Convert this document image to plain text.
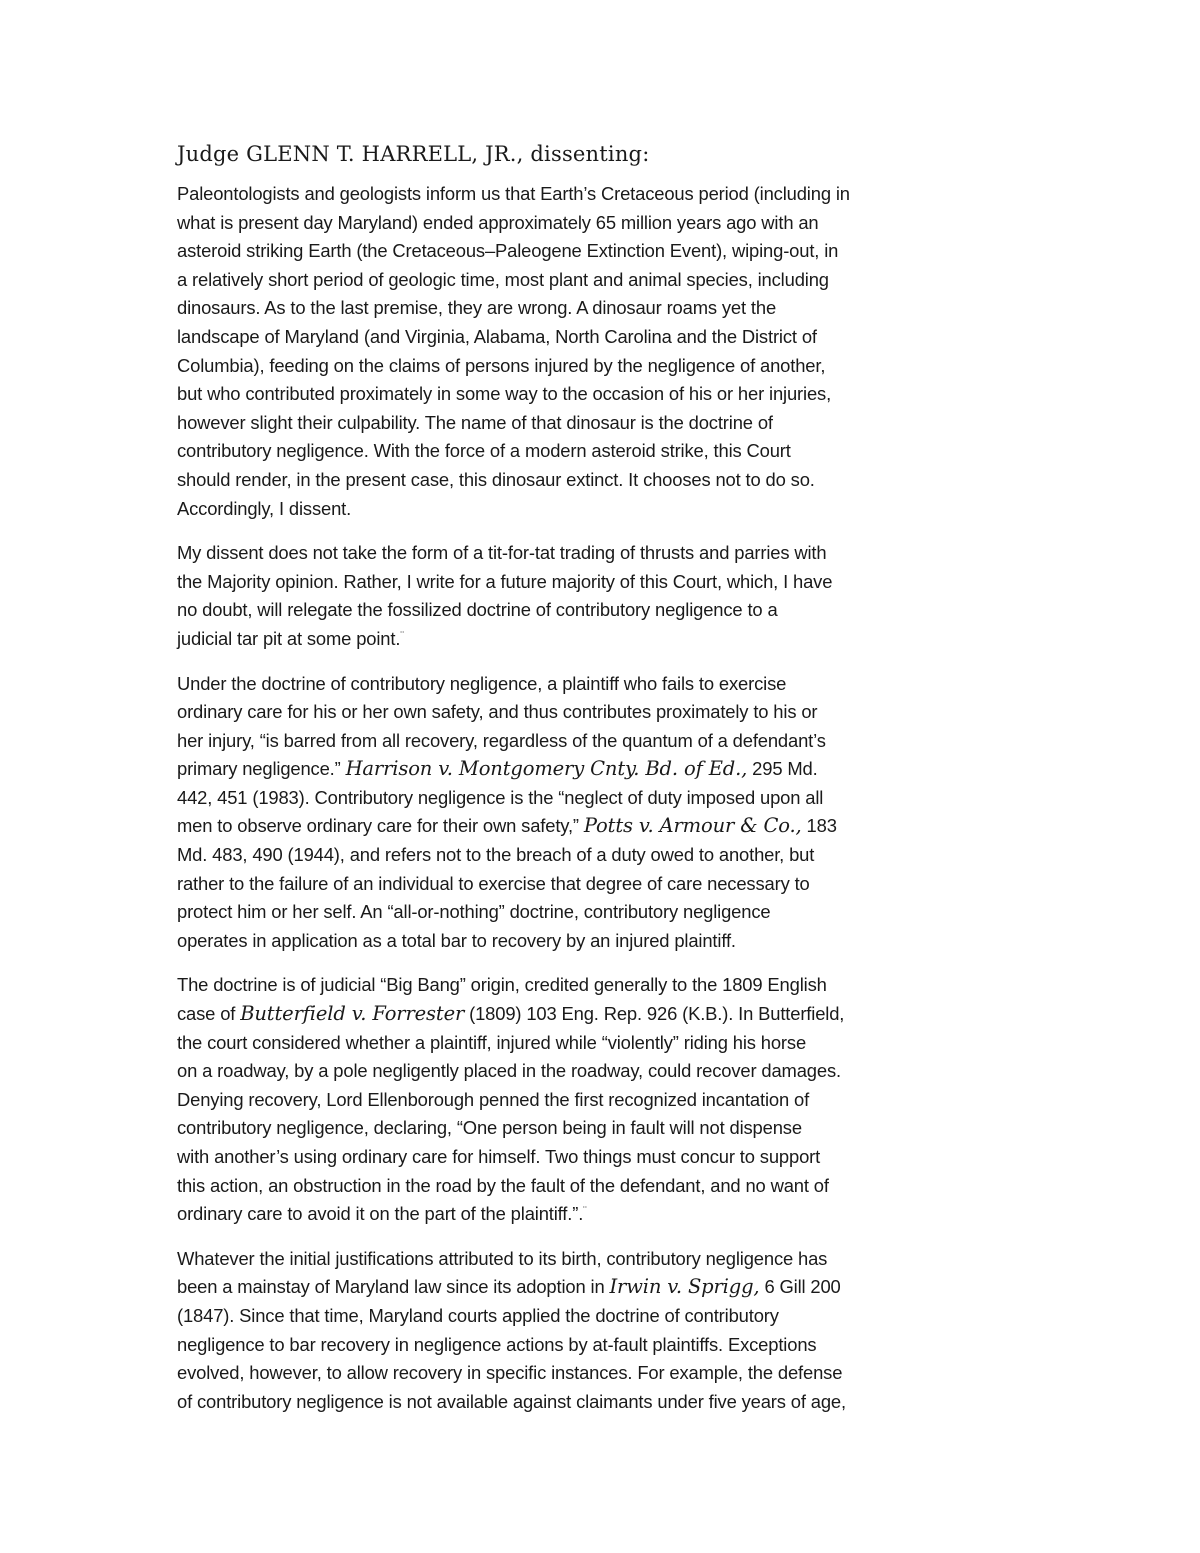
Judge GLENN T. HARRELL, JR., dissenting:
Paleontologists and geologists inform us that Earth’s Cretaceous period (including in
what is present day Maryland) ended approximately 65 million years ago with an
asteroid striking Earth (the Cretaceous–Paleogene Extinction Event), wiping-out, in
a relatively short period of geologic time, most plant and animal species, including
dinosaurs. As to the last premise, they are wrong. A dinosaur roams yet the
landscape of Maryland (and Virginia, Alabama, North Carolina and the District of
Columbia), feeding on the claims of persons injured by the negligence of another,
but who contributed proximately in some way to the occasion of his or her injuries,
however slight their culpability. The name of that dinosaur is the doctrine of
contributory negligence. With the force of a modern asteroid strike, this Court
should render, in the present case, this dinosaur extinct. It chooses not to do so.
Accordingly, I dissent.
My dissent does not take the form of a tit-for-tat trading of thrusts and parries with
the Majority opinion. Rather, I write for a future majority of this Court, which, I have
no doubt, will relegate the fossilized doctrine of contributory negligence to a
judicial tar pit at some point.¨
Under the doctrine of contributory negligence, a plaintiff who fails to exercise
ordinary care for his or her own safety, and thus contributes proximately to his or
her injury, “is barred from all recovery, regardless of the quantum of a defendant’s
primary negligence.” Harrison v. Montgomery Cnty. Bd. of Ed., 295 Md.
442, 451 (1983). Contributory negligence is the “neglect of duty imposed upon all
men to observe ordinary care for their own safety,” Potts v. Armour & Co., 183
Md. 483, 490 (1944), and refers not to the breach of a duty owed to another, but
rather to the failure of an individual to exercise that degree of care necessary to
protect him or her self. An “all-or-nothing” doctrine, contributory negligence
operates in application as a total bar to recovery by an injured plaintiff.
The doctrine is of judicial “Big Bang” origin, credited generally to the 1809 English
case of Butterfield v. Forrester (1809) 103 Eng. Rep. 926 (K.B.). In Butterfield,
the court considered whether a plaintiff, injured while “violently” riding his horse
on a roadway, by a pole negligently placed in the roadway, could recover damages.
Denying recovery, Lord Ellenborough penned the first recognized incantation of
contributory negligence, declaring, “One person being in fault will not dispense
with another’s using ordinary care for himself. Two things must concur to support
this action, an obstruction in the road by the fault of the defendant, and no want of
ordinary care to avoid it on the part of the plaintiff.”.¨
Whatever the initial justifications attributed to its birth, contributory negligence has
been a mainstay of Maryland law since its adoption in Irwin v. Sprigg, 6 Gill 200
(1847). Since that time, Maryland courts applied the doctrine of contributory
negligence to bar recovery in negligence actions by at-fault plaintiffs. Exceptions
evolved, however, to allow recovery in specific instances. For example, the defense
of contributory negligence is not available against claimants under five years of age,
